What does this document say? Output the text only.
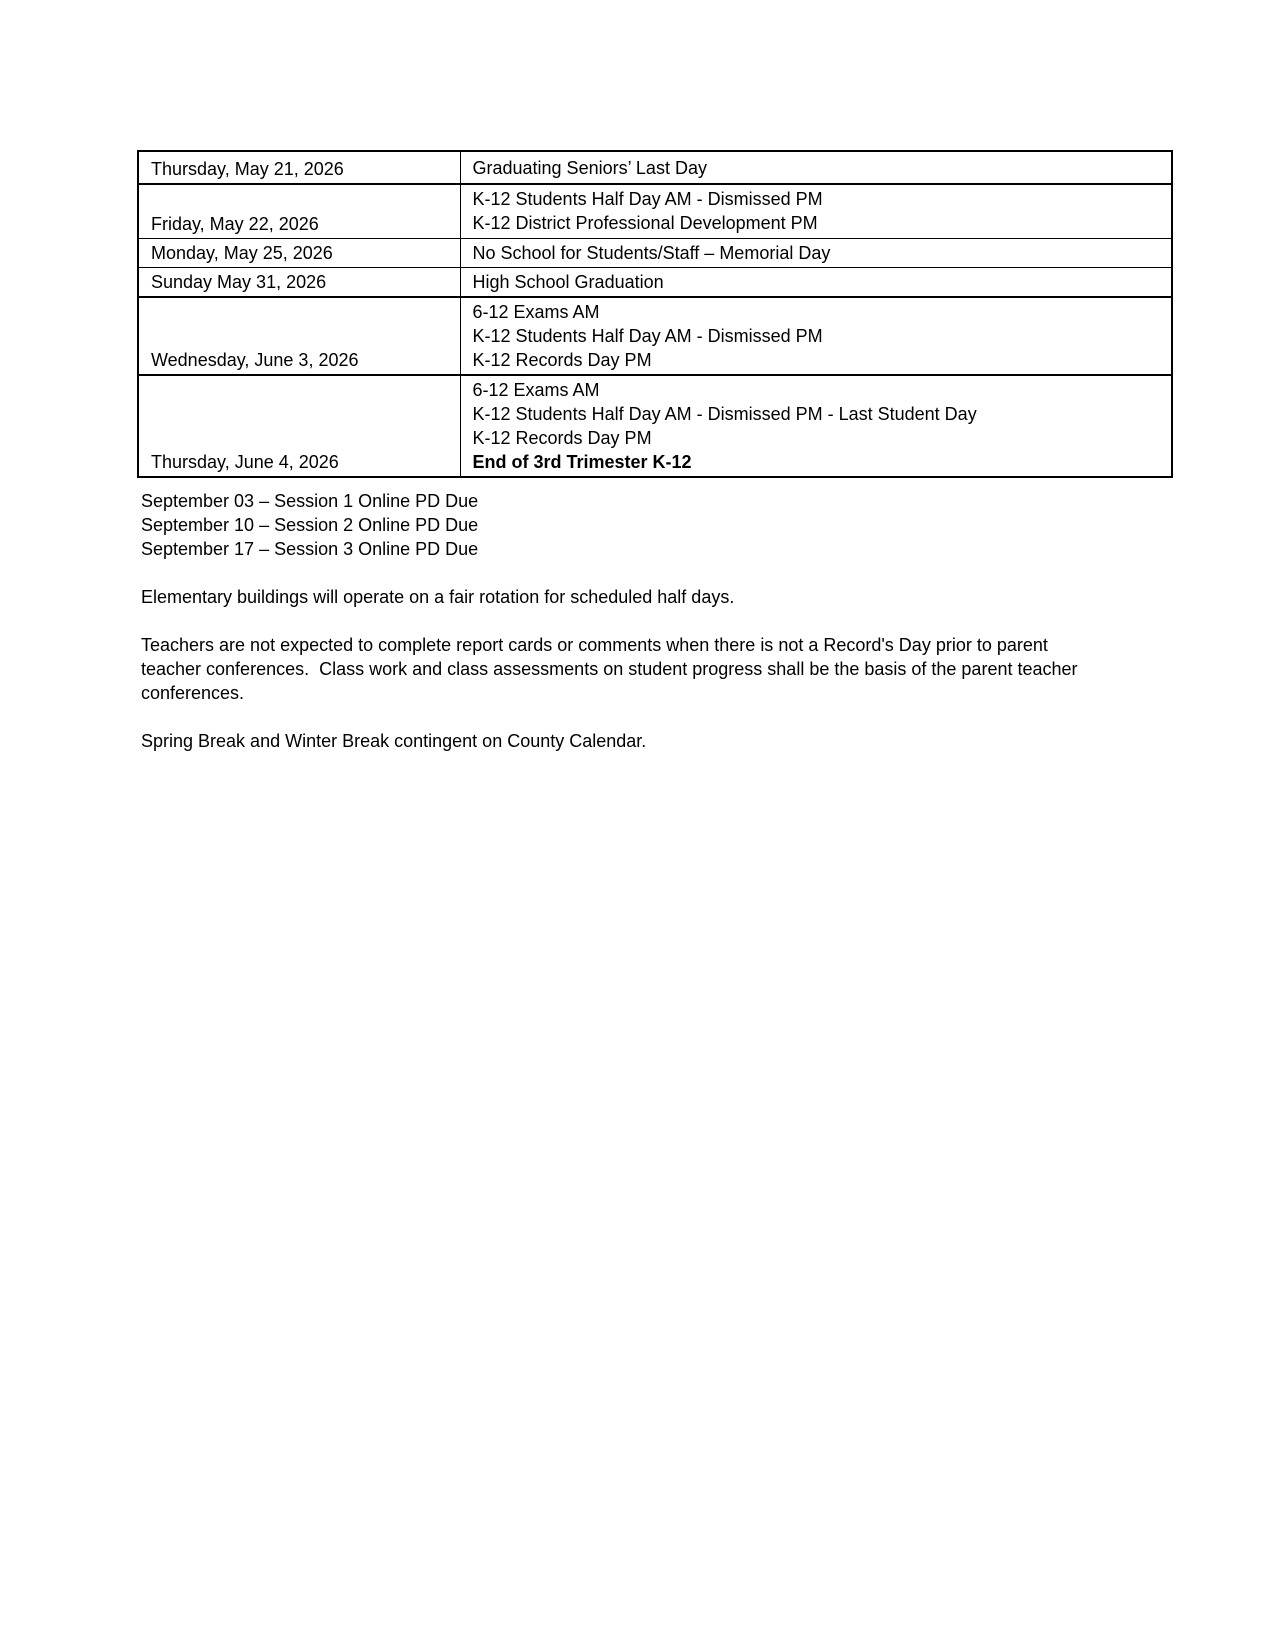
Thursday, May 21, 2026	Graduating Seniors’ Last Day

Friday, May 22, 2026	K-12 Students Half Day AM - Dismissed PM
K-12 District Professional Development PM

Monday, May 25, 2026	No School for Students/Staff – Memorial Day

Sunday May 31, 2026	High School Graduation

Wednesday, June 3, 2026	6-12 Exams AM
K-12 Students Half Day AM - Dismissed PM
K-12 Records Day PM

Thursday, June 4, 2026	6-12 Exams AM
K-12 Students Half Day AM - Dismissed PM - Last Student Day
K-12 Records Day PM
End of 3rd Trimester K-12
September 03 – Session 1 Online PD Due
September 10 – Session 2 Online PD Due
September 17 – Session 3 Online PD Due

Elementary buildings will operate on a fair rotation for scheduled half days.

Teachers are not expected to complete report cards or comments when there is not a Record's Day prior to parent teacher conferences.  Class work and class assessments on student progress shall be the basis of the parent teacher conferences.

Spring Break and Winter Break contingent on County Calendar.
